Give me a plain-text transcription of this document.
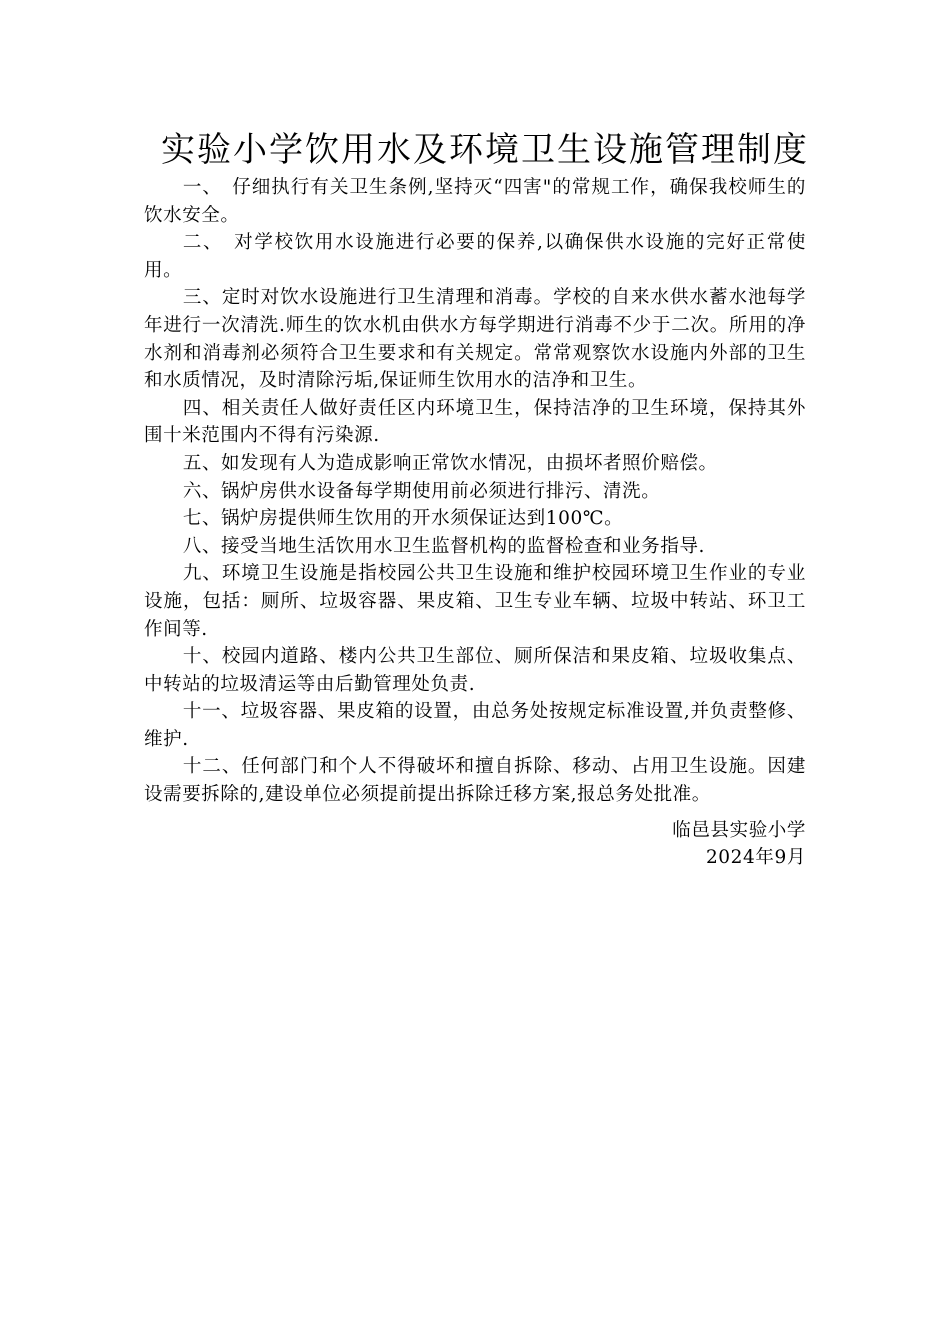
实验小学饮用水及环境卫生设施管理制度

一、　仔细执行有关卫生条例,坚持灭“四害"的常规工作，确保我校师生的饮水安全。

二、　对学校饮用水设施进行必要的保养,以确保供水设施的完好正常使用。

三、定时对饮水设施进行卫生清理和消毒。学校的自来水供水蓄水池每学年进行一次清洗.师生的饮水机由供水方每学期进行消毒不少于二次。所用的净水剂和消毒剂必须符合卫生要求和有关规定。常常观察饮水设施内外部的卫生和水质情况，及时清除污垢,保证师生饮用水的洁净和卫生。

四、相关责任人做好责任区内环境卫生，保持洁净的卫生环境，保持其外围十米范围内不得有污染源.

五、如发现有人为造成影响正常饮水情况，由损坏者照价赔偿。

六、锅炉房供水设备每学期使用前必须进行排污、清洗。

七、锅炉房提供师生饮用的开水须保证达到100℃。

八、接受当地生活饮用水卫生监督机构的监督检查和业务指导.

九、环境卫生设施是指校园公共卫生设施和维护校园环境卫生作业的专业设施，包括：厕所、垃圾容器、果皮箱、卫生专业车辆、垃圾中转站、环卫工作间等.

十、校园内道路、楼内公共卫生部位、厕所保洁和果皮箱、垃圾收集点、中转站的垃圾清运等由后勤管理处负责.

十一、垃圾容器、果皮箱的设置，由总务处按规定标准设置,并负责整修、维护.

十二、任何部门和个人不得破坏和擅自拆除、移动、占用卫生设施。因建设需要拆除的,建设单位必须提前提出拆除迁移方案,报总务处批准。

临邑县实验小学

2024年9月
